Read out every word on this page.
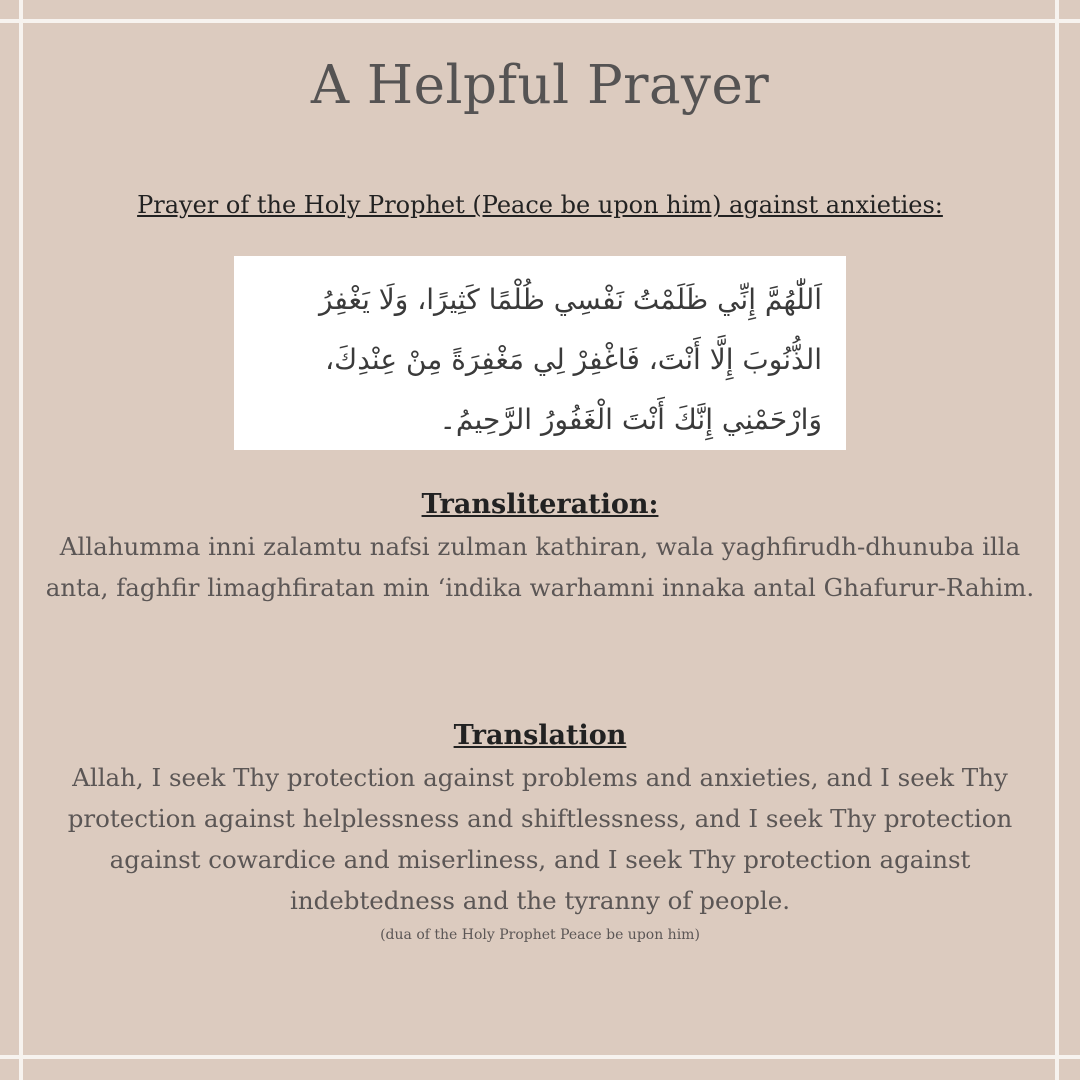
A Helpful Prayer

Prayer of the Holy Prophet (Peace be upon him) against anxieties:

اَللّٰهُمَّ إِنِّي ظَلَمْتُ نَفْسِي ظُلْمًا كَثِيرًا، وَلَا يَغْفِرُ الذُّنُوبَ إِلَّا أَنْتَ، فَاغْفِرْ لِي مَغْفِرَةً مِنْ عِنْدِكَ، وَارْحَمْنِي إِنَّكَ أَنْتَ الْغَفُورُ الرَّحِيمُ۔
Transliteration:

Allahumma inni zalamtu nafsi zulman kathiran, wala yaghfirudh-dhunuba illa anta, faghfir limaghfiratan min ‘indika warhamni innaka antal Ghafurur-Rahim.

Translation

Allah, I seek Thy protection against problems and anxieties, and I seek Thy protection against helplessness and shiftlessness, and I seek Thy protection against cowardice and miserliness, and I seek Thy protection against indebtedness and the tyranny of people.

(dua of the Holy Prophet Peace be upon him)
